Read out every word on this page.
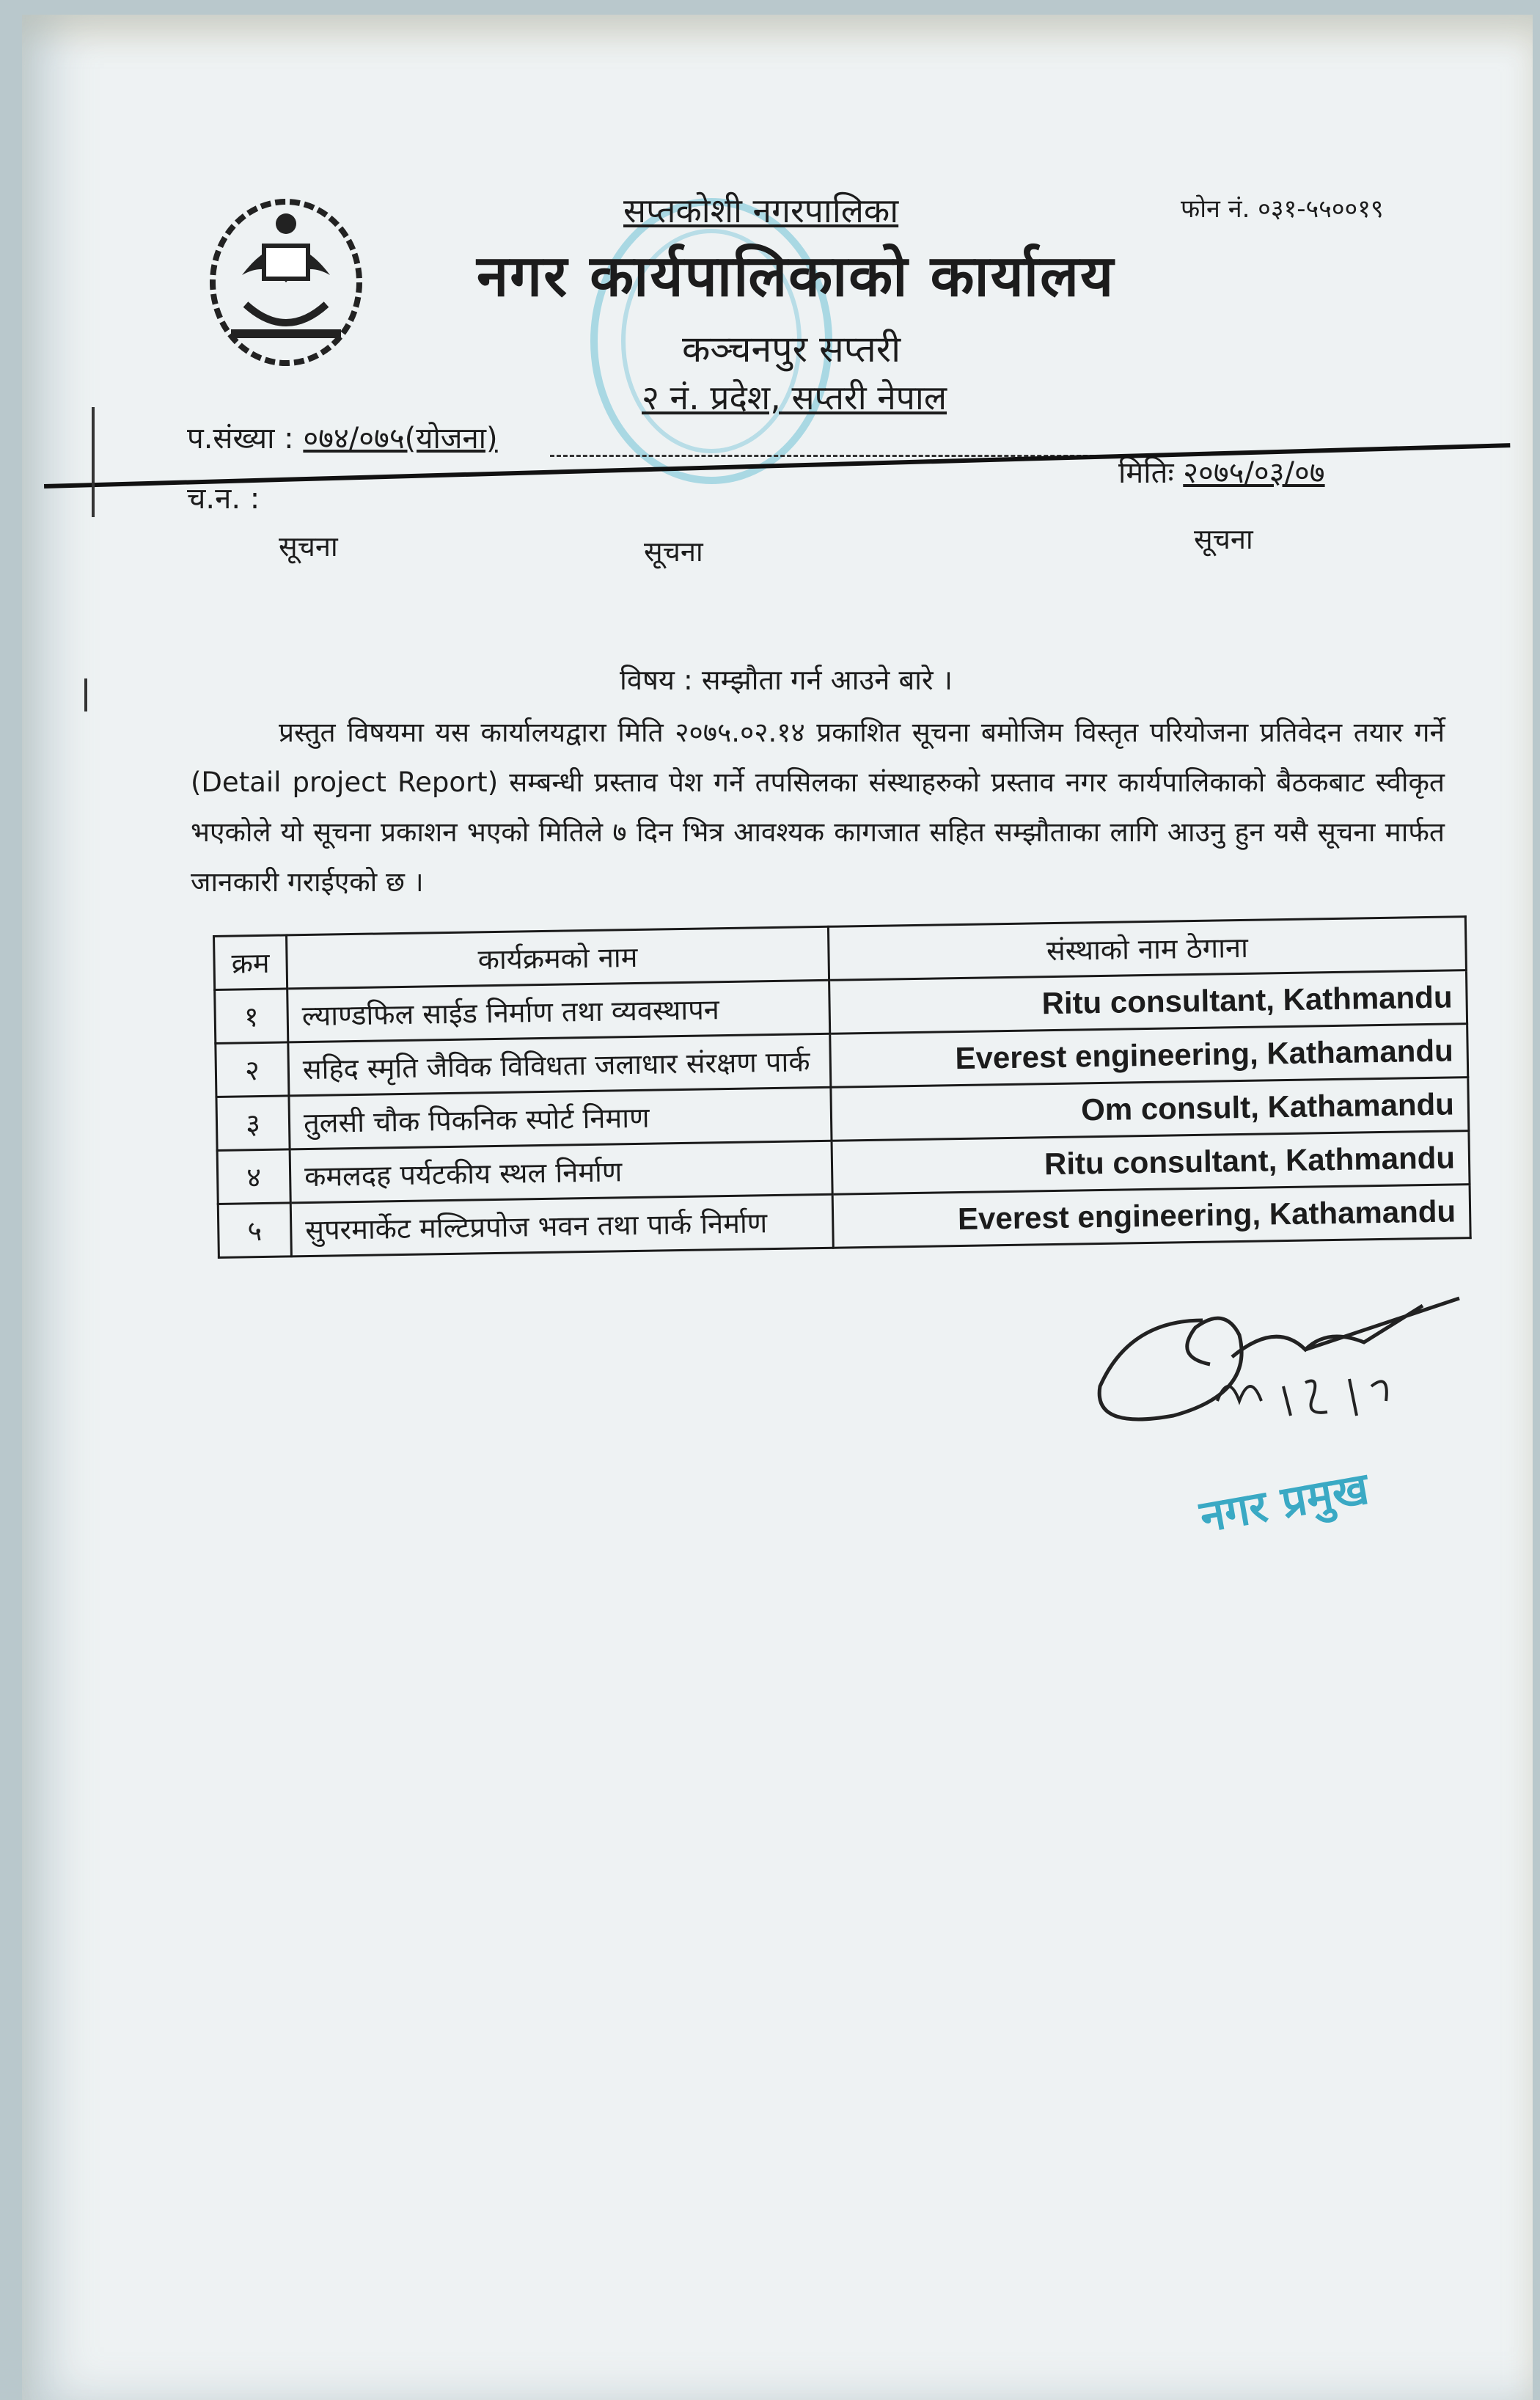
सप्तकोशी नगरपालिका
नगर कार्यपालिकाको कार्यालय
कञ्चनपुर सप्तरी
२ नं. प्रदेश, सप्तरी नेपाल
फोन नं. ०३१-५५००१९
प.संख्या : ०७४/०७५(योजना)
च.न. :
मितिः २०७५/०३/०७
सूचना	सूचना	सूचना
विषय : सम्झौता गर्न आउने बारे ।
प्रस्तुत विषयमा यस कार्यालयद्वारा मिति २०७५.०२.१४ प्रकाशित सूचना बमोजिम विस्तृत परियोजना प्रतिवेदन तयार गर्ने (Detail project Report) सम्बन्धी प्रस्ताव पेश गर्ने तपसिलका संस्थाहरुको प्रस्ताव नगर कार्यपालिकाको बैठकबाट स्वीकृत भएकोले यो सूचना प्रकाशन भएको मितिले ७ दिन भित्र आवश्यक कागजात सहित सम्झौताका लागि आउनु हुन यसै सूचना मार्फत जानकारी गराईएको छ ।
क्रम	कार्यक्रमको नाम	संस्थाको नाम ठेगाना
१	ल्याण्डफिल साईड निर्माण तथा व्यवस्थापन	Ritu consultant, Kathmandu
२	सहिद स्मृति जैविक विविधता जलाधार संरक्षण पार्क	Everest engineering, Kathamandu
३	तुलसी चौक पिकनिक स्पोर्ट निमाण	Om consult, Kathamandu
४	कमलदह पर्यटकीय स्थल निर्माण	Ritu consultant, Kathmandu
५	सुपरमार्केट मल्टिप्रपोज भवन तथा पार्क निर्माण	Everest engineering, Kathamandu
नगर प्रमुख
